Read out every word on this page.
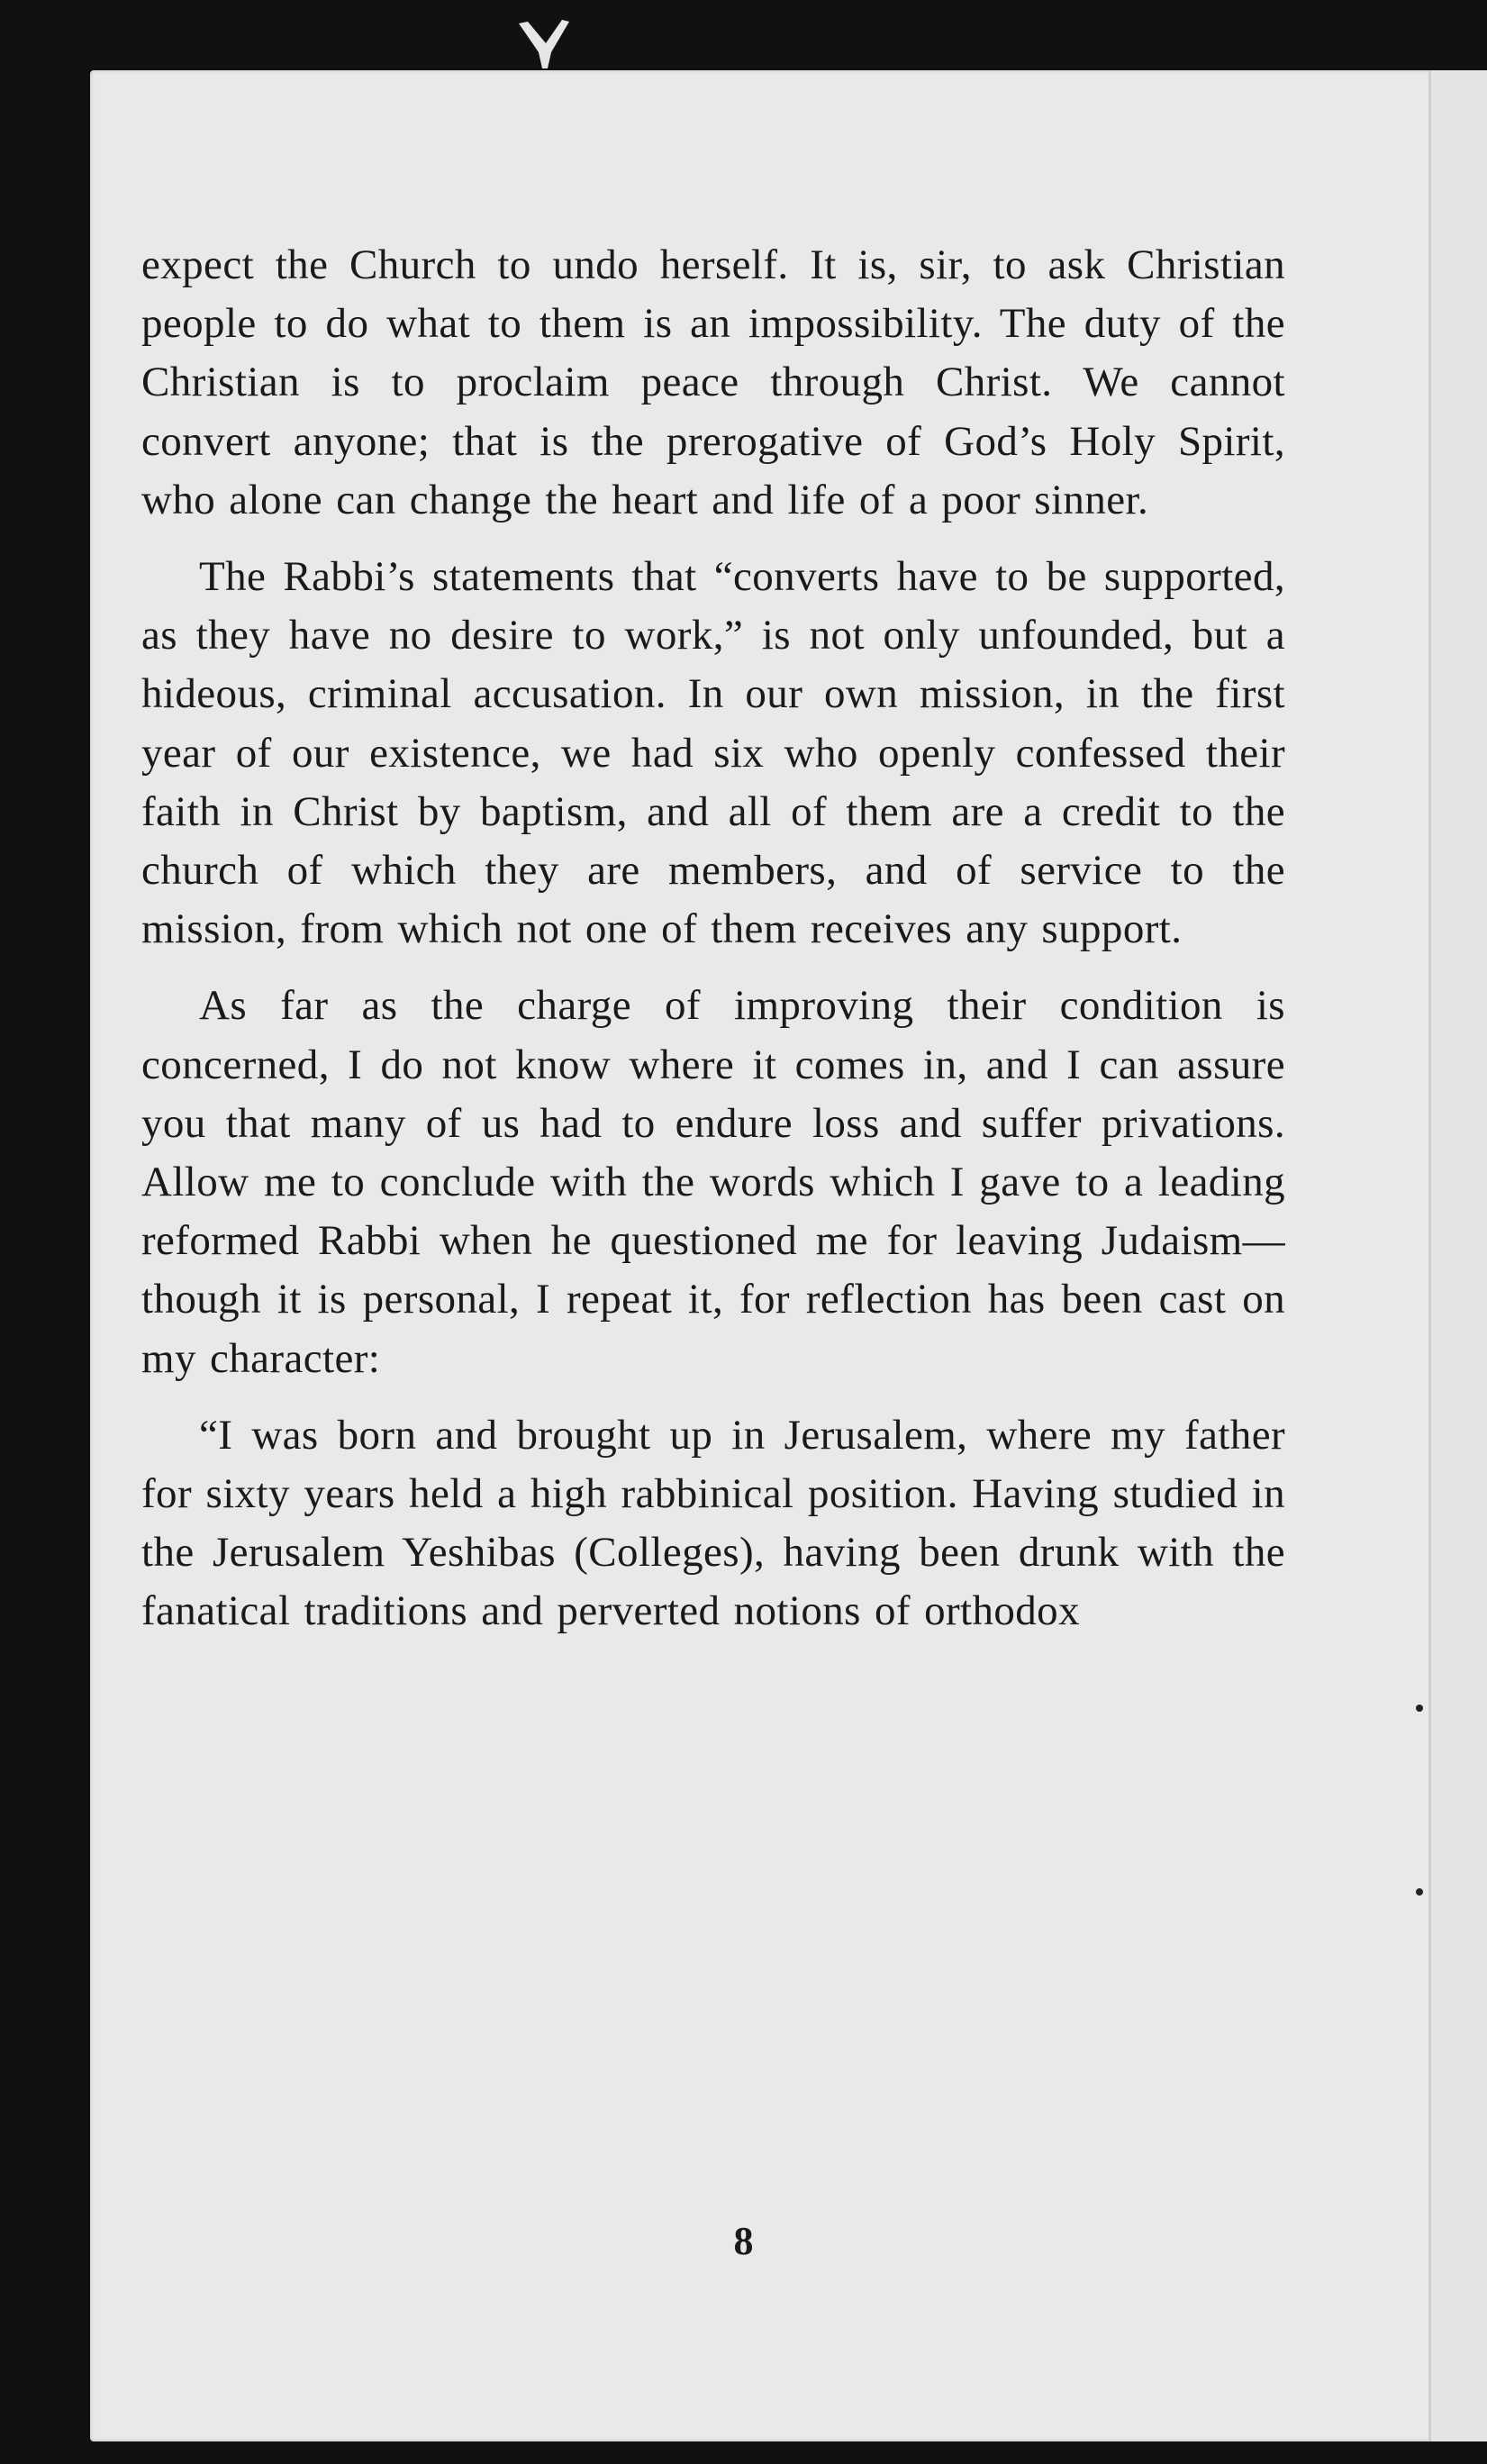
expect the Church to undo herself. It is, sir, to ask Christian people to do what to them is an impossibility. The duty of the Christian is to proclaim peace through Christ. We cannot convert anyone; that is the prerogative of God’s Holy Spirit, who alone can change the heart and life of a poor sinner.

The Rabbi’s statements that “converts have to be supported, as they have no desire to work,” is not only unfounded, but a hideous, criminal accusation. In our own mission, in the first year of our existence, we had six who openly confessed their faith in Christ by baptism, and all of them are a credit to the church of which they are members, and of service to the mission, from which not one of them receives any support.

As far as the charge of improving their condition is concerned, I do not know where it comes in, and I can assure you that many of us had to endure loss and suffer privations. Allow me to conclude with the words which I gave to a leading reformed Rabbi when he questioned me for leaving Judaism—though it is personal, I repeat it, for reflection has been cast on my character:

“I was born and brought up in Jerusalem, where my father for sixty years held a high rabbinical position. Having studied in the Jerusalem Yeshibas (Colleges), having been drunk with the fanatical traditions and perverted notions of orthodox

8
